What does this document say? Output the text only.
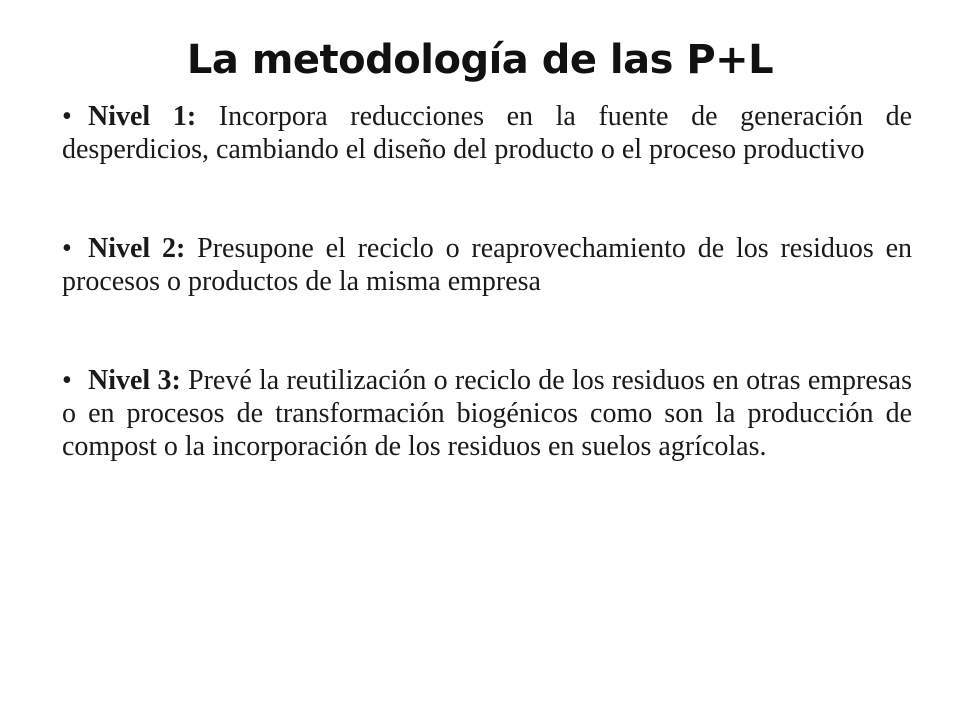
La metodología de las P+L

• Nivel 1: Incorpora reducciones en la fuente de generación de desperdicios, cambiando el diseño del producto o el proceso productivo

• Nivel 2: Presupone el reciclo o reaprovechamiento de los residuos en procesos o productos de la misma empresa

• Nivel 3: Prevé la reutilización o reciclo de los residuos en otras empresas o en procesos de transformación biogénicos como son la producción de compost o la incorporación de los residuos en suelos agrícolas.
